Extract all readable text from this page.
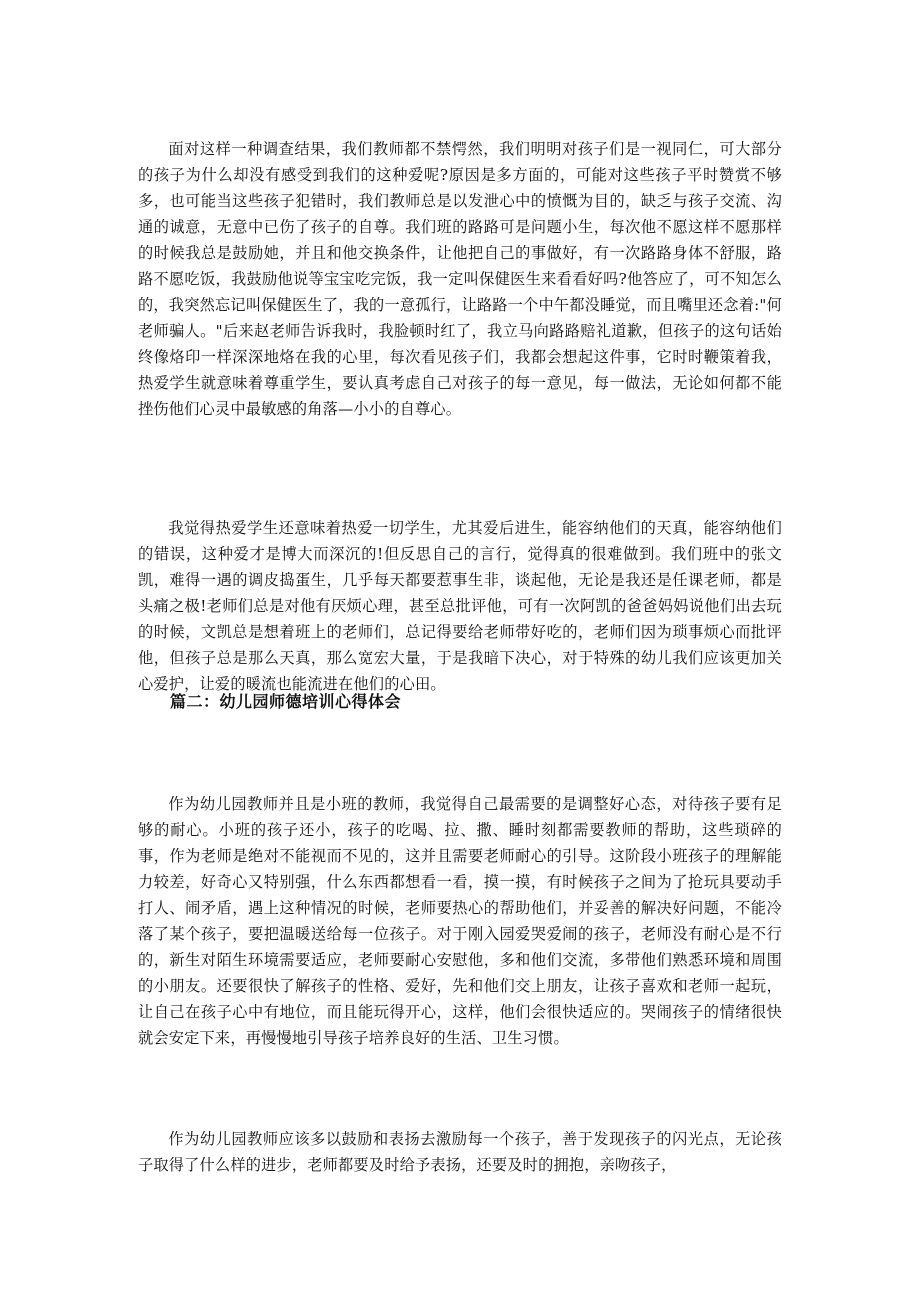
面对这样一种调查结果，我们教师都不禁愕然，我们明明对孩子们是一视同仁，可大部分的孩子为什么却没有感受到我们的这种爱呢?原因是多方面的，可能对这些孩子平时赞赏不够多，也可能当这些孩子犯错时，我们教师总是以发泄心中的愤慨为目的，缺乏与孩子交流、沟通的诚意，无意中已伤了孩子的自尊。我们班的路路可是问题小生，每次他不愿这样不愿那样的时候我总是鼓励她，并且和他交换条件，让他把自己的事做好，有一次路路身体不舒服，路路不愿吃饭，我鼓励他说等宝宝吃完饭，我一定叫保健医生来看看好吗?他答应了，可不知怎么的，我突然忘记叫保健医生了，我的一意孤行，让路路一个中午都没睡觉，而且嘴里还念着:"何老师骗人。"后来赵老师告诉我时，我脸顿时红了，我立马向路路赔礼道歉，但孩子的这句话始终像烙印一样深深地烙在我的心里，每次看见孩子们，我都会想起这件事，它时时鞭策着我，热爱学生就意味着尊重学生，要认真考虑自己对孩子的每一意见，每一做法，无论如何都不能挫伤他们心灵中最敏感的角落—小小的自尊心。

我觉得热爱学生还意味着热爱一切学生，尤其爱后进生，能容纳他们的天真，能容纳他们的错误，这种爱才是博大而深沉的!但反思自己的言行，觉得真的很难做到。我们班中的张文凯，难得一遇的调皮捣蛋生，几乎每天都要惹事生非，谈起他，无论是我还是任课老师，都是头痛之极!老师们总是对他有厌烦心理，甚至总批评他，可有一次阿凯的爸爸妈妈说他们出去玩的时候，文凯总是想着班上的老师们，总记得要给老师带好吃的，老师们因为琐事烦心而批评他，但孩子总是那么天真，那么宽宏大量，于是我暗下决心，对于特殊的幼儿我们应该更加关心爱护，让爱的暖流也能流进在他们的心田。

篇二：幼儿园师德培训心得体会

作为幼儿园教师并且是小班的教师，我觉得自己最需要的是调整好心态，对待孩子要有足够的耐心。小班的孩子还小，孩子的吃喝、拉、撒、睡时刻都需要教师的帮助，这些琐碎的事，作为老师是绝对不能视而不见的，这并且需要老师耐心的引导。这阶段小班孩子的理解能力较差，好奇心又特别强，什么东西都想看一看，摸一摸，有时候孩子之间为了抢玩具要动手打人、闹矛盾，遇上这种情况的时候，老师要热心的帮助他们，并妥善的解决好问题，不能冷落了某个孩子，要把温暖送给每一位孩子。对于刚入园爱哭爱闹的孩子，老师没有耐心是不行的，新生对陌生环境需要适应，老师要耐心安慰他，多和他们交流，多带他们熟悉环境和周围的小朋友。还要很快了解孩子的性格、爱好，先和他们交上朋友，让孩子喜欢和老师一起玩，让自己在孩子心中有地位，而且能玩得开心，这样，他们会很快适应的。哭闹孩子的情绪很快就会安定下来，再慢慢地引导孩子培养良好的生活、卫生习惯。

作为幼儿园教师应该多以鼓励和表扬去激励每一个孩子，善于发现孩子的闪光点，无论孩子取得了什么样的进步，老师都要及时给予表扬，还要及时的拥抱，亲吻孩子，
